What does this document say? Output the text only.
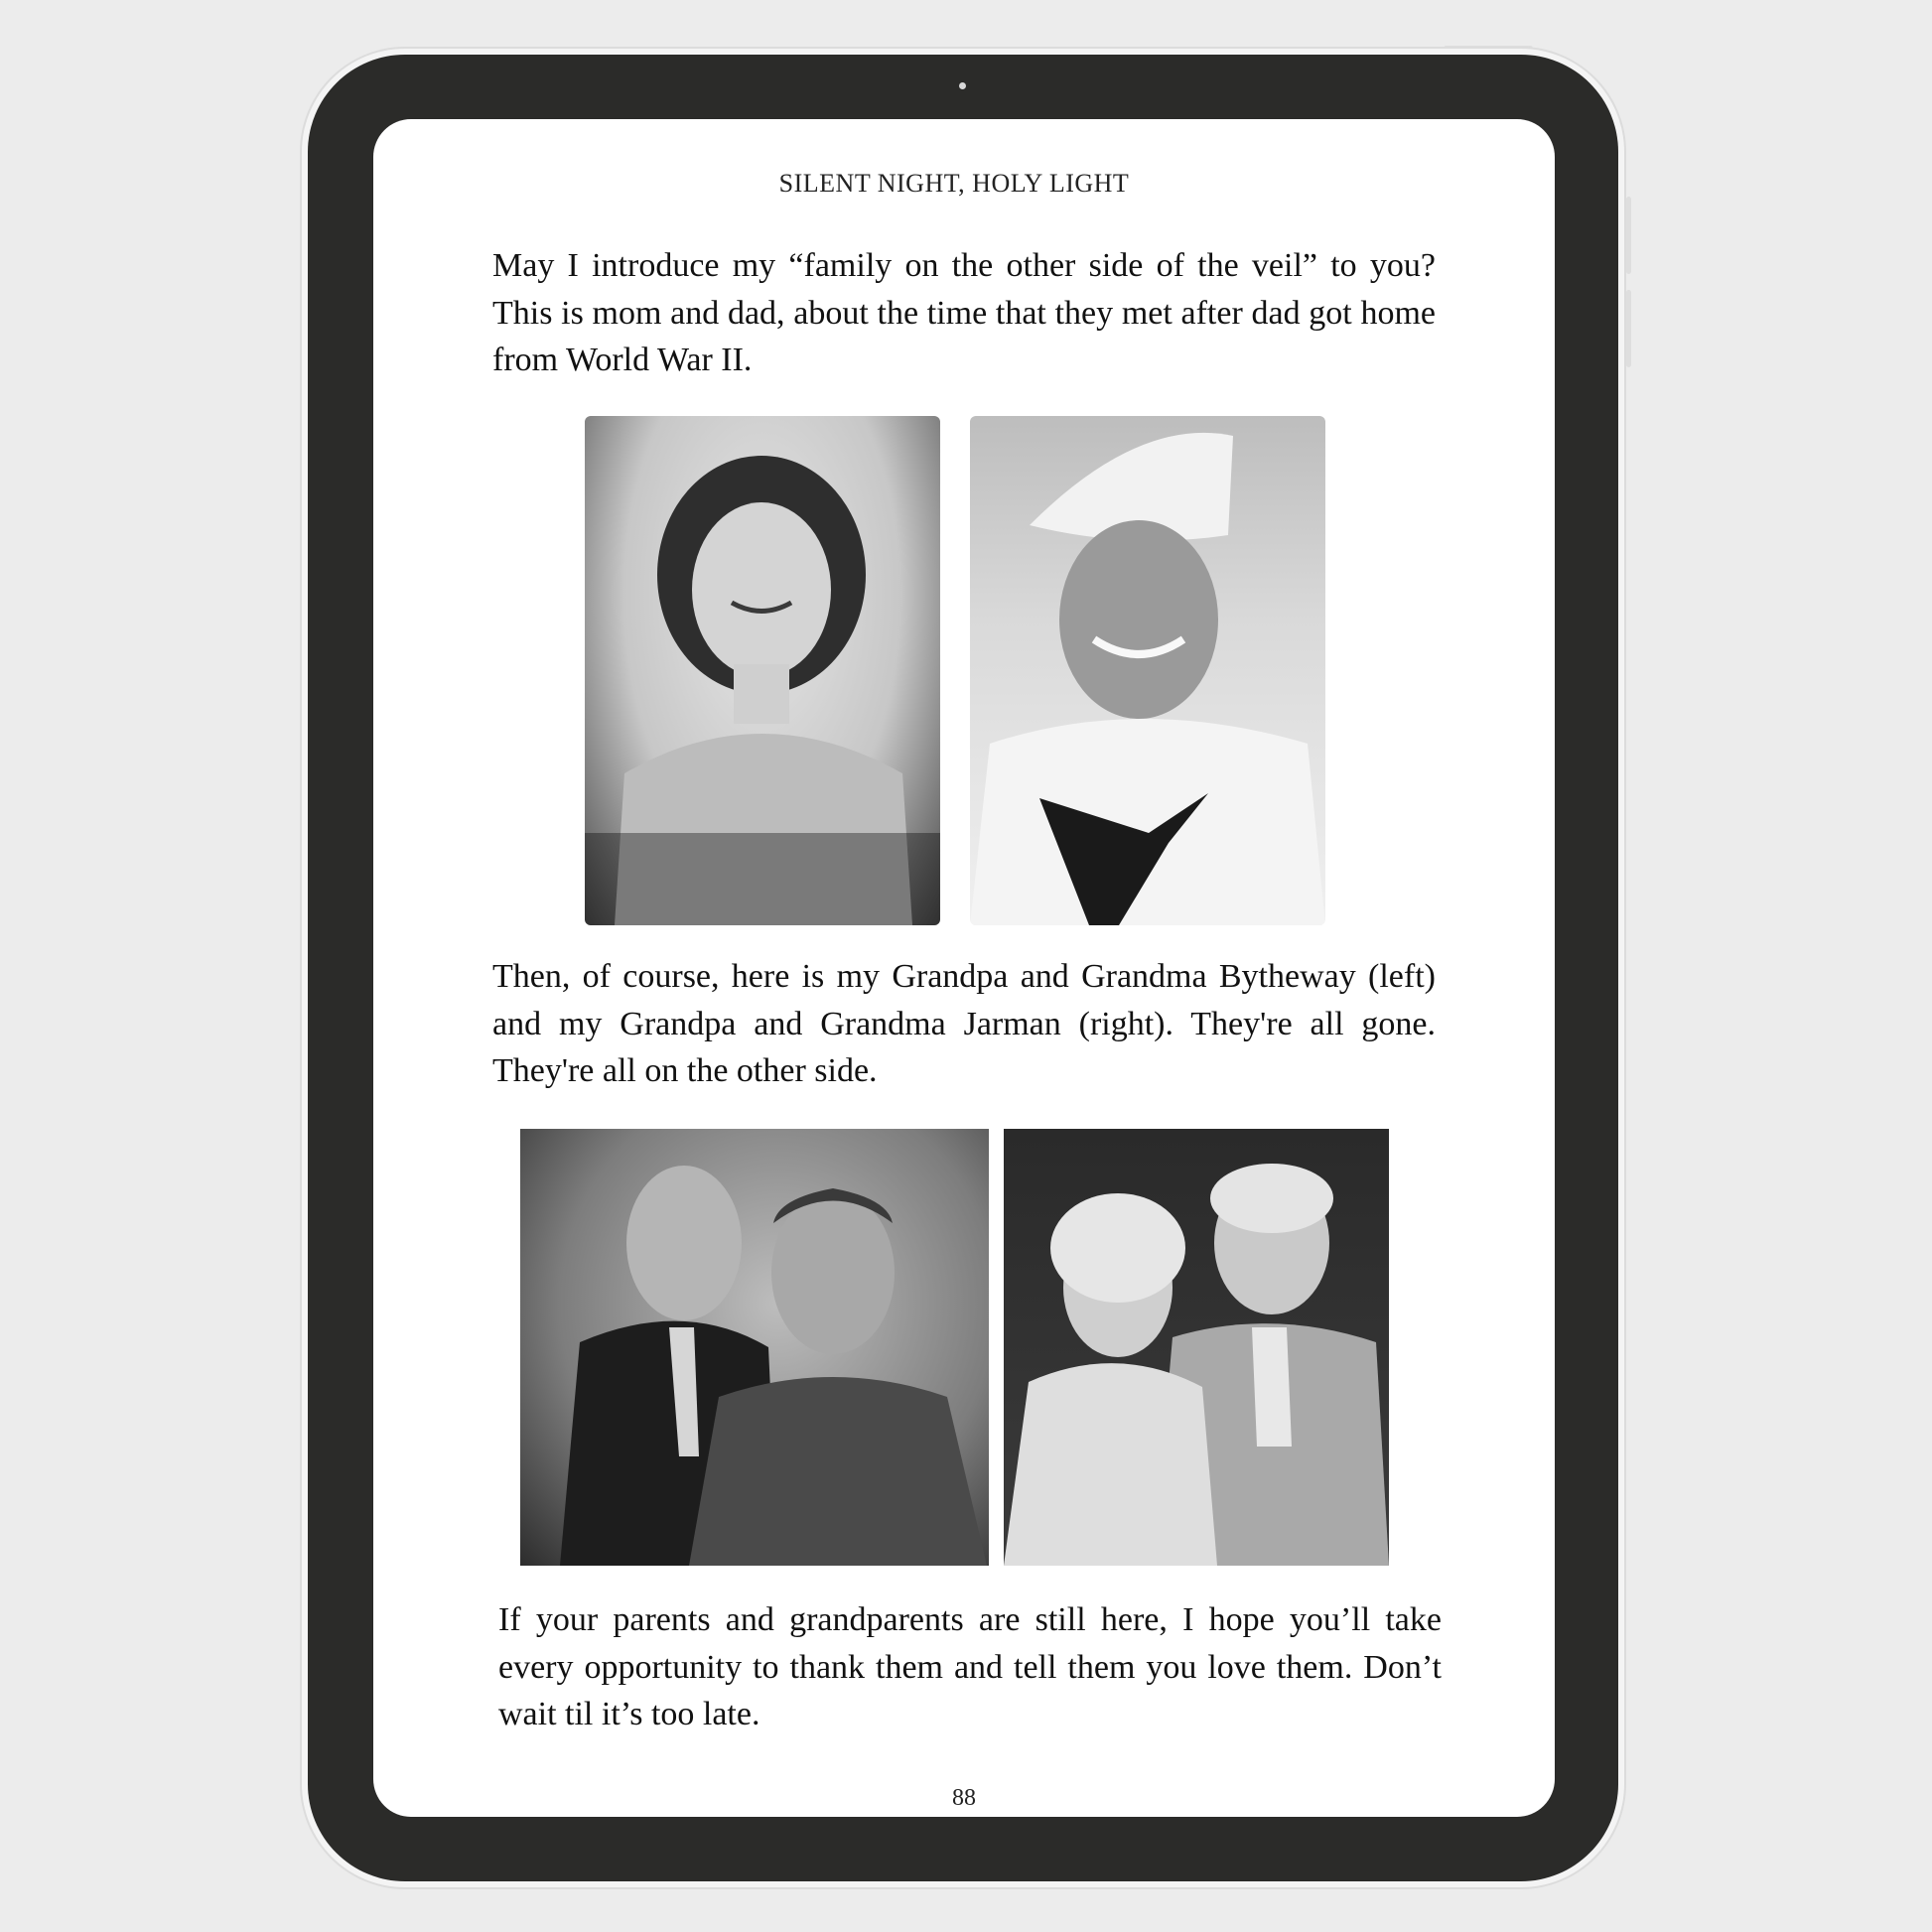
SILENT NIGHT, HOLY LIGHT

May I introduce my “family on the other side of the veil” to you? This is mom and dad, about the time that they met after dad got home from World War II.

Then, of course, here is my Grandpa and Grandma Bytheway (left) and my Grandpa and Grandma Jarman (right). They're all gone. They're all on the other side.

If your parents and grandparents are still here, I hope you’ll take every opportunity to thank them and tell them you love them. Don’t wait til it’s too late.

88
